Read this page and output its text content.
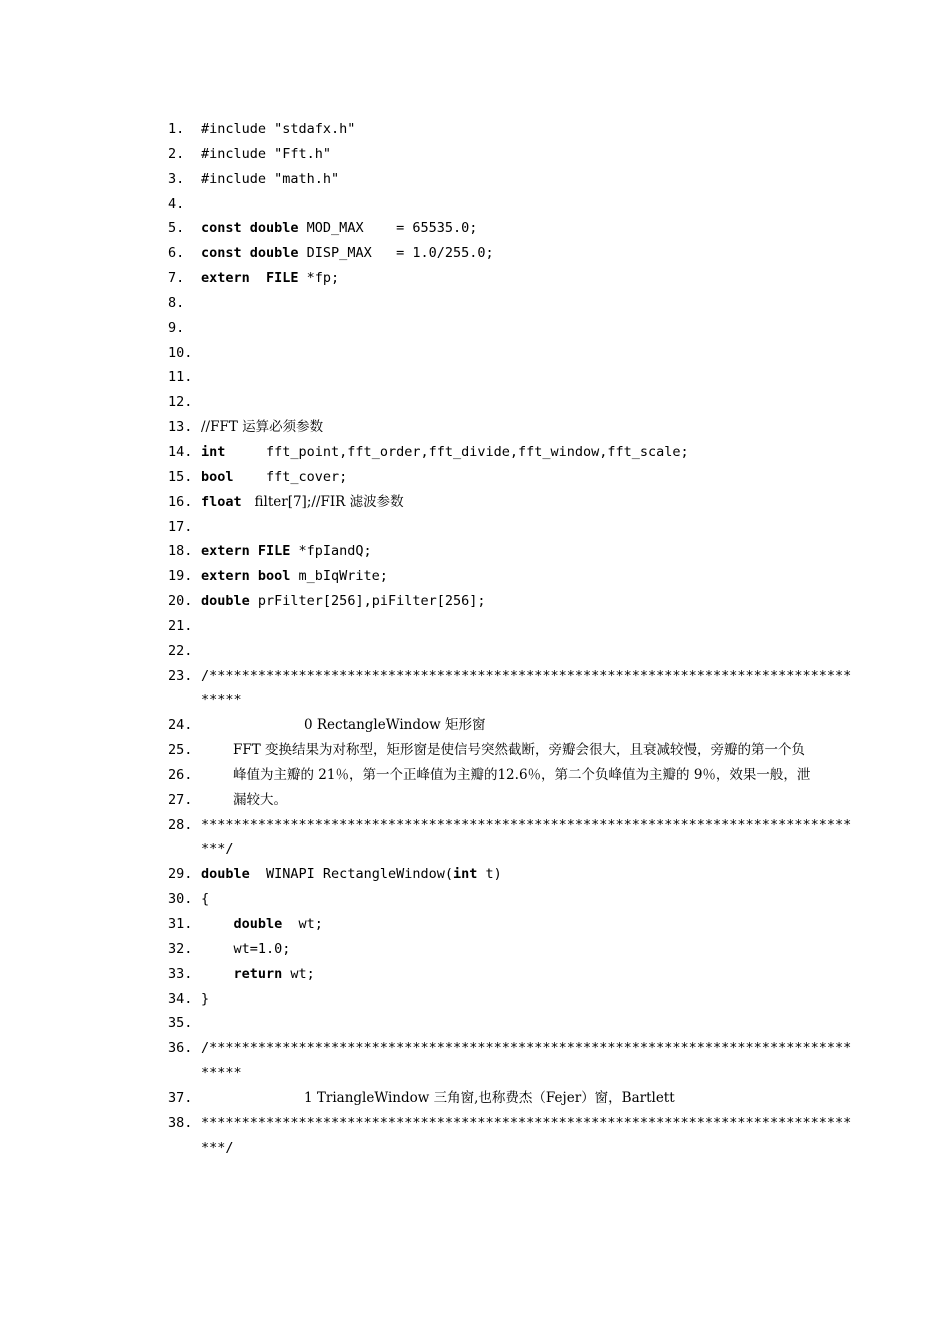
1.	#include "stdafx.h"
2.	#include "Fft.h"
3.	#include "math.h"
4.
5.	const double MOD_MAX    = 65535.0;
6.	const double DISP_MAX   = 1.0/255.0;
7.	extern  FILE *fp;
8.
9.
10.
11.
12.
13. //FFT 运算必须参数
14. int     fft_point,fft_order,fft_divide,fft_window,fft_scale;
15. bool    fft_cover;
16. float   filter[7];//FIR 滤波参数
17.
18. extern FILE *fpIandQ;
19. extern bool m_bIqWrite;
20. double prFilter[256],piFilter[256];
21.
22.
23. /************************************************************************************
24. 0 RectangleWindow 矩形窗
25.	FFT 变换结果为对称型，矩形窗是使信号突然截断，旁瓣会很大，且衰减较慢，旁瓣的第一个负
26.	峰值为主瓣的 21％，第一个正峰值为主瓣的12.6％，第二个负峰值为主瓣的 9％，效果一般，泄
27.	漏较大。
28. ***********************************************************************************/
29. double  WINAPI RectangleWindow(int t)
30. {
31.	double  wt;
32. wt=1.0;
33.	return wt;
34. }
35.
36. /************************************************************************************
37. 1 TriangleWindow 三角窗,也称费杰（Fejer）窗，Bartlett
38. ***********************************************************************************/
